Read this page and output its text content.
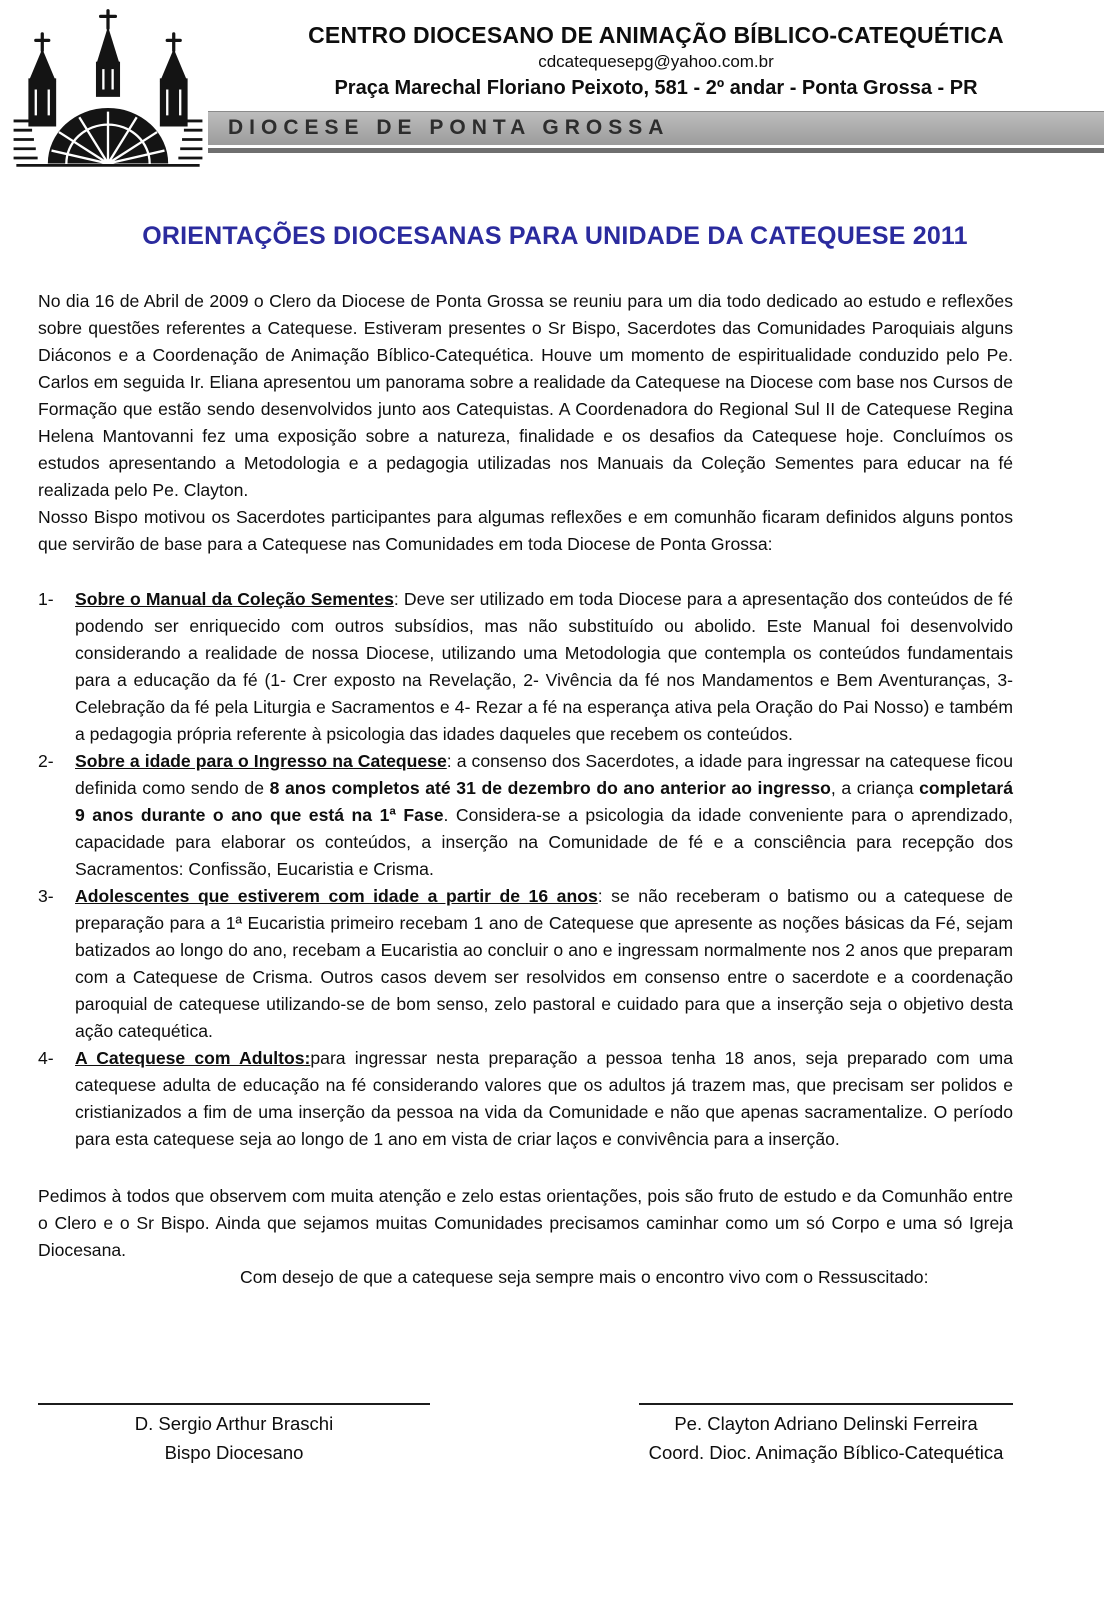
CENTRO DIOCESANO DE ANIMAÇÃO BÍBLICO-CATEQUÉTICA
cdcatequesepg@yahoo.com.br
Praça Marechal Floriano Peixoto, 581 - 2º andar - Ponta Grossa - PR
DIOCESE DE PONTA GROSSA
ORIENTAÇÕES DIOCESANAS PARA UNIDADE DA CATEQUESE 2011

No dia 16 de Abril de 2009 o Clero da Diocese de Ponta Grossa se reuniu para um dia todo dedicado ao estudo e reflexões sobre questões referentes a Catequese. Estiveram presentes o Sr Bispo, Sacerdotes das Comunidades Paroquiais alguns Diáconos e a Coordenação de Animação Bíblico-Catequética. Houve um momento de espiritualidade conduzido pelo Pe. Carlos em seguida Ir. Eliana apresentou um panorama sobre a realidade da Catequese na Diocese com base nos Cursos de Formação que estão sendo desenvolvidos junto aos Catequistas. A Coordenadora do Regional Sul II de Catequese Regina Helena Mantovanni fez uma exposição sobre a natureza, finalidade e os desafios da Catequese hoje. Concluímos os estudos apresentando a Metodologia e a pedagogia utilizadas nos Manuais da Coleção Sementes para educar na fé realizada pelo Pe. Clayton.

Nosso Bispo motivou os Sacerdotes participantes para algumas reflexões e em comunhão ficaram definidos alguns pontos que servirão de base para a Catequese nas Comunidades em toda Diocese de Ponta Grossa:

1- Sobre o Manual da Coleção Sementes: Deve ser utilizado em toda Diocese para a apresentação dos conteúdos de fé podendo ser enriquecido com outros subsídios, mas não substituído ou abolido. Este Manual foi desenvolvido considerando a realidade de nossa Diocese, utilizando uma Metodologia que contempla os conteúdos fundamentais para a educação da fé (1- Crer exposto na Revelação, 2- Vivência da fé nos Mandamentos e Bem Aventuranças, 3- Celebração da fé pela Liturgia e Sacramentos e 4- Rezar a fé na esperança ativa pela Oração do Pai Nosso) e também a pedagogia própria referente à psicologia das idades daqueles que recebem os conteúdos.
2- Sobre a idade para o Ingresso na Catequese: a consenso dos Sacerdotes, a idade para ingressar na catequese ficou definida como sendo de 8 anos completos até 31 de dezembro do ano anterior ao ingresso, a criança completará 9 anos durante o ano que está na 1ª Fase. Considera-se a psicologia da idade conveniente para o aprendizado, capacidade para elaborar os conteúdos, a inserção na Comunidade de fé e a consciência para recepção dos Sacramentos: Confissão, Eucaristia e Crisma.
3- Adolescentes que estiverem com idade a partir de 16 anos: se não receberam o batismo ou a catequese de preparação para a 1ª Eucaristia primeiro recebam 1 ano de Catequese que apresente as noções básicas da Fé, sejam batizados ao longo do ano, recebam a Eucaristia ao concluir o ano e ingressam normalmente nos 2 anos que preparam com a Catequese de Crisma. Outros casos devem ser resolvidos em consenso entre o sacerdote e a coordenação paroquial de catequese utilizando-se de bom senso, zelo pastoral e cuidado para que a inserção seja o objetivo desta ação catequética.
4- A Catequese com Adultos:para ingressar nesta preparação a pessoa tenha 18 anos, seja preparado com uma catequese adulta de educação na fé considerando valores que os adultos já trazem mas, que precisam ser polidos e cristianizados a fim de uma inserção da pessoa na vida da Comunidade e não que apenas sacramentalize. O período para esta catequese seja ao longo de 1 ano em vista de criar laços e convivência para a inserção.

Pedimos à todos que observem com muita atenção e zelo estas orientações, pois são fruto de estudo e da Comunhão entre o Clero e o Sr Bispo. Ainda que sejamos muitas Comunidades precisamos caminhar como um só Corpo e uma só Igreja Diocesana.

Com desejo de que a catequese seja sempre mais o encontro vivo com o Ressuscitado:

D. Sergio Arthur Braschi
Bispo Diocesano
Pe. Clayton Adriano Delinski Ferreira
Coord. Dioc. Animação Bíblico-Catequética
